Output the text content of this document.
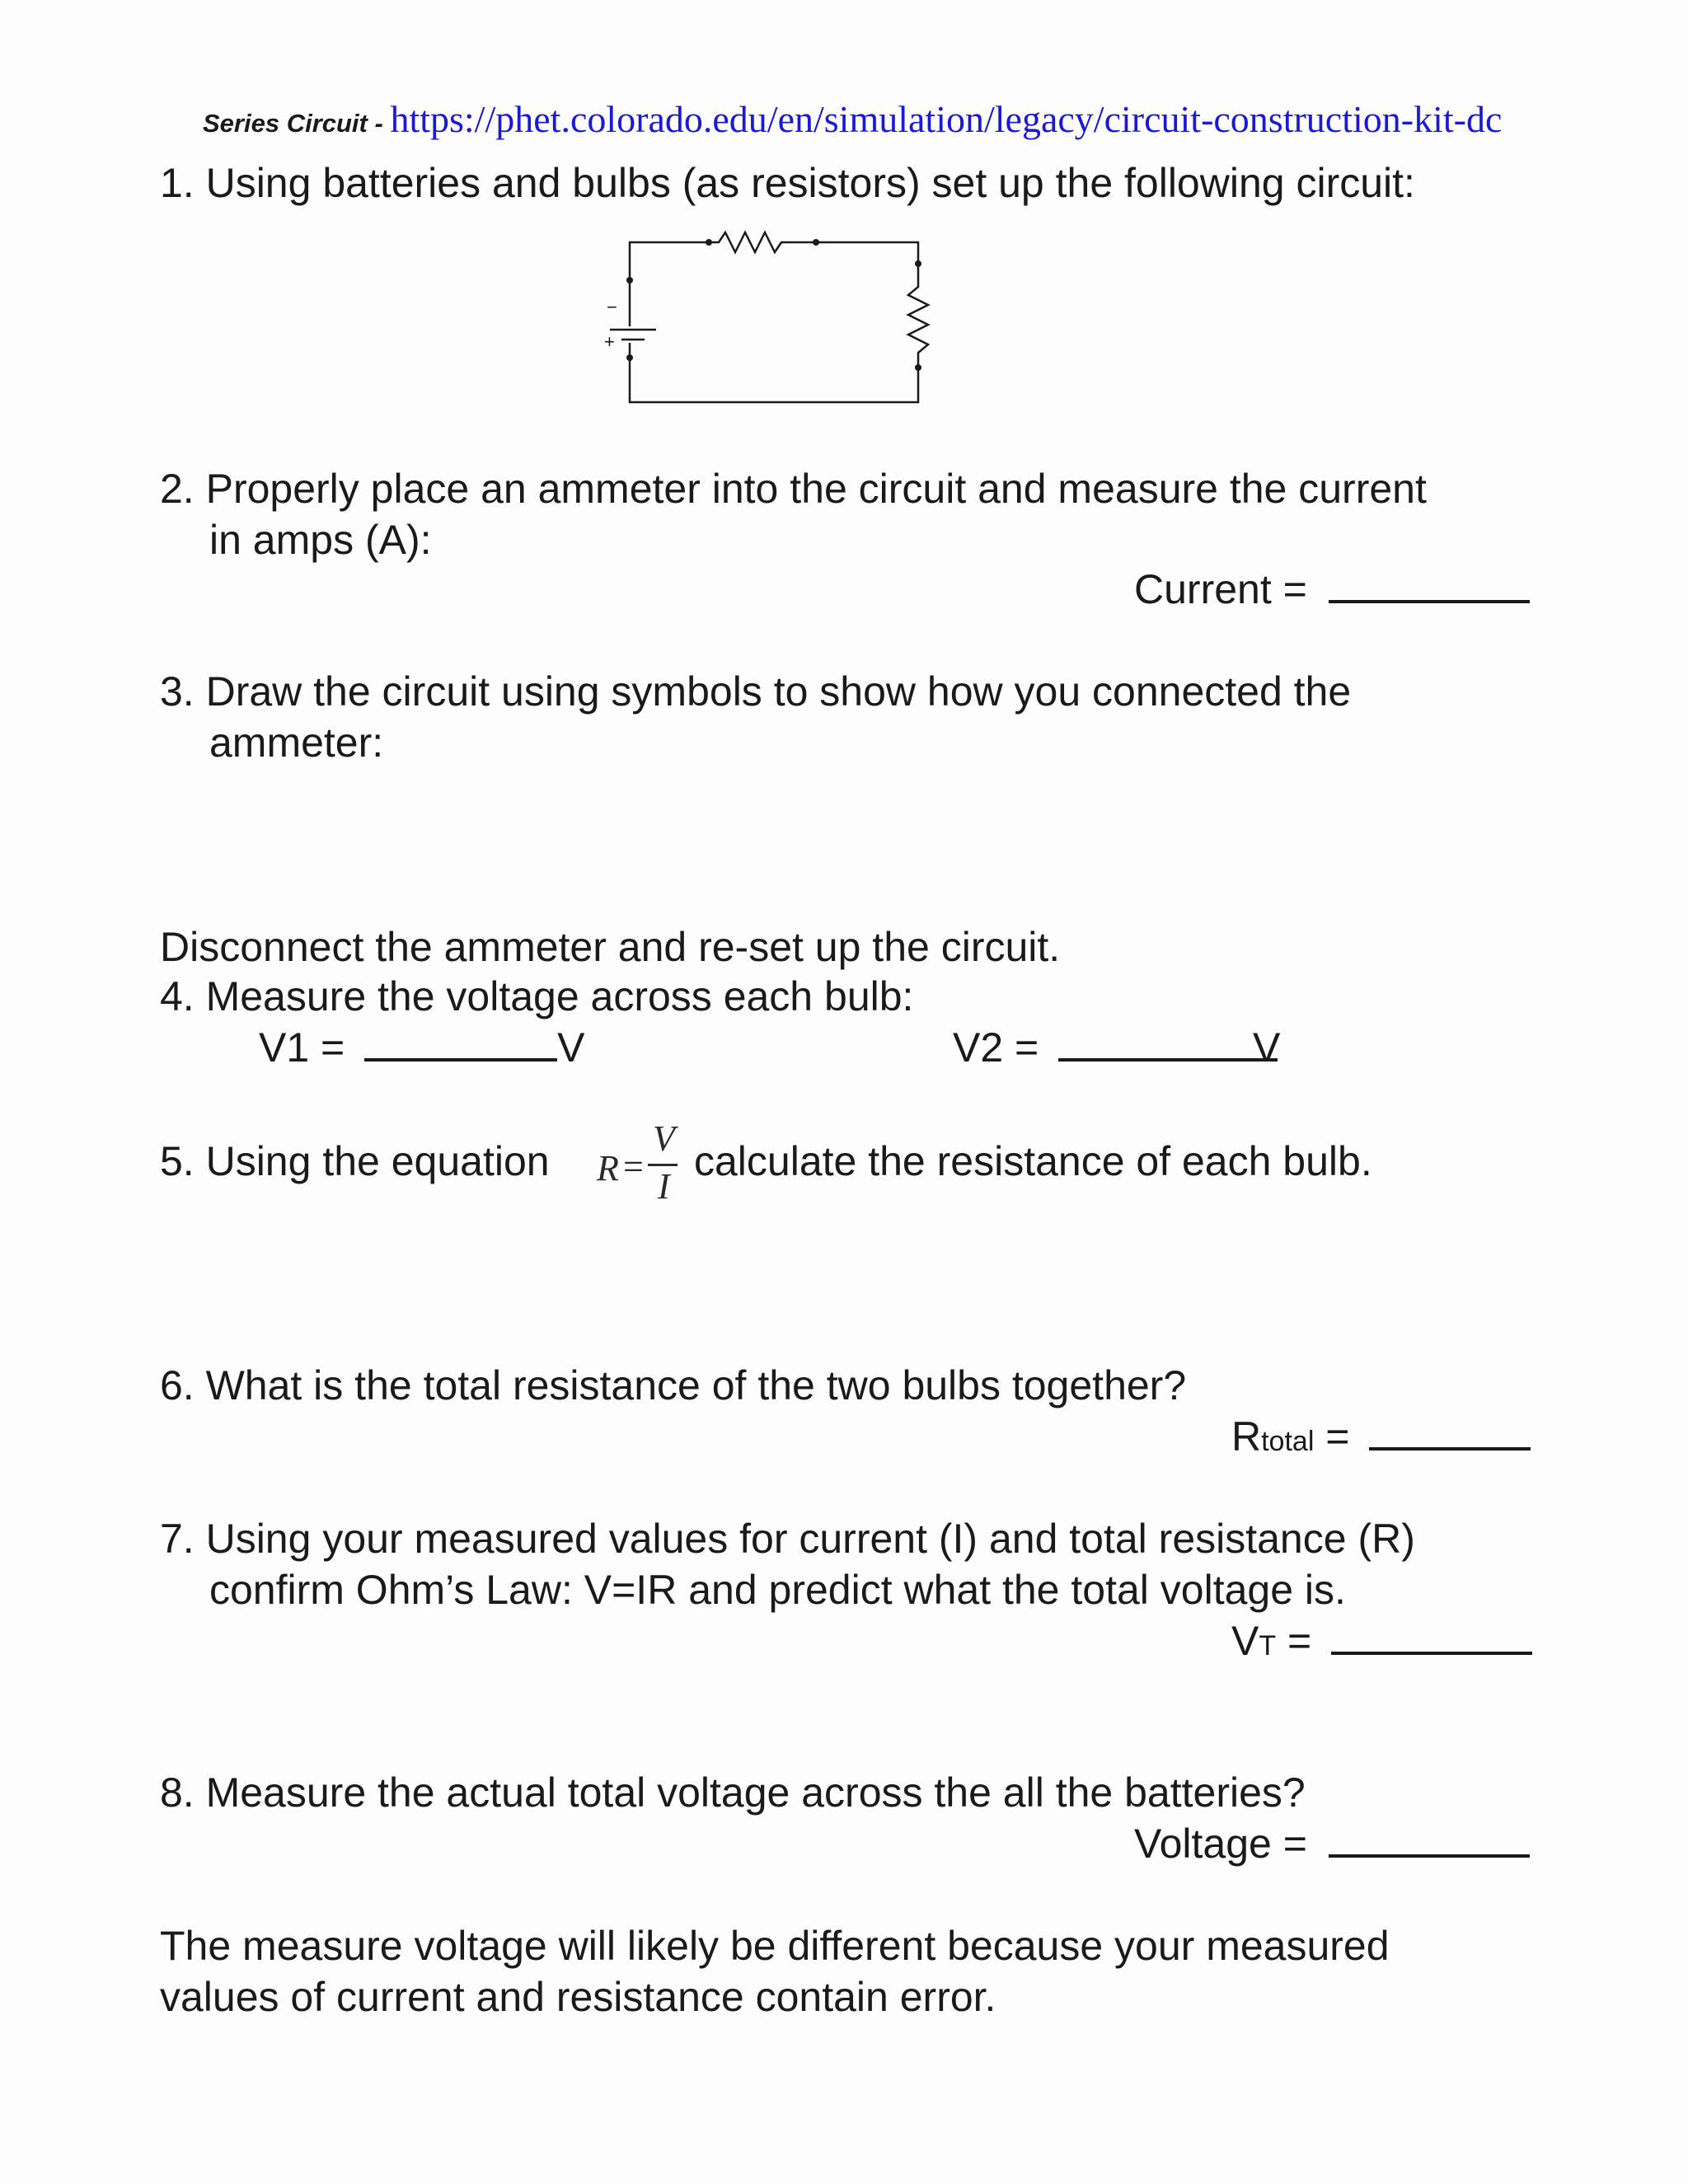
Series Circuit - https://phet.colorado.edu/en/simulation/legacy/circuit-construction-kit-dc
1. Using batteries and bulbs (as resistors) set up the following circuit:
−
+
2. Properly place an ammeter into the circuit and measure the current
in amps (A):
Current =
3. Draw the circuit using symbols to show how you connected the
ammeter:
Disconnect the ammeter and re-set up the circuit.
4. Measure the voltage across each bulb:
V1 =	V	V2 =	V
5. Using the equation R =
V
I
calculate the resistance of each bulb.
6. What is the total resistance of the two bulbs together?
Rtotal =
7. Using your measured values for current (I) and total resistance (R)
confirm Ohm’s Law: V=IR and predict what the total voltage is.
VT =
8. Measure the actual total voltage across the all the batteries?
Voltage =
The measure voltage will likely be different because your measured
values of current and resistance contain error.
